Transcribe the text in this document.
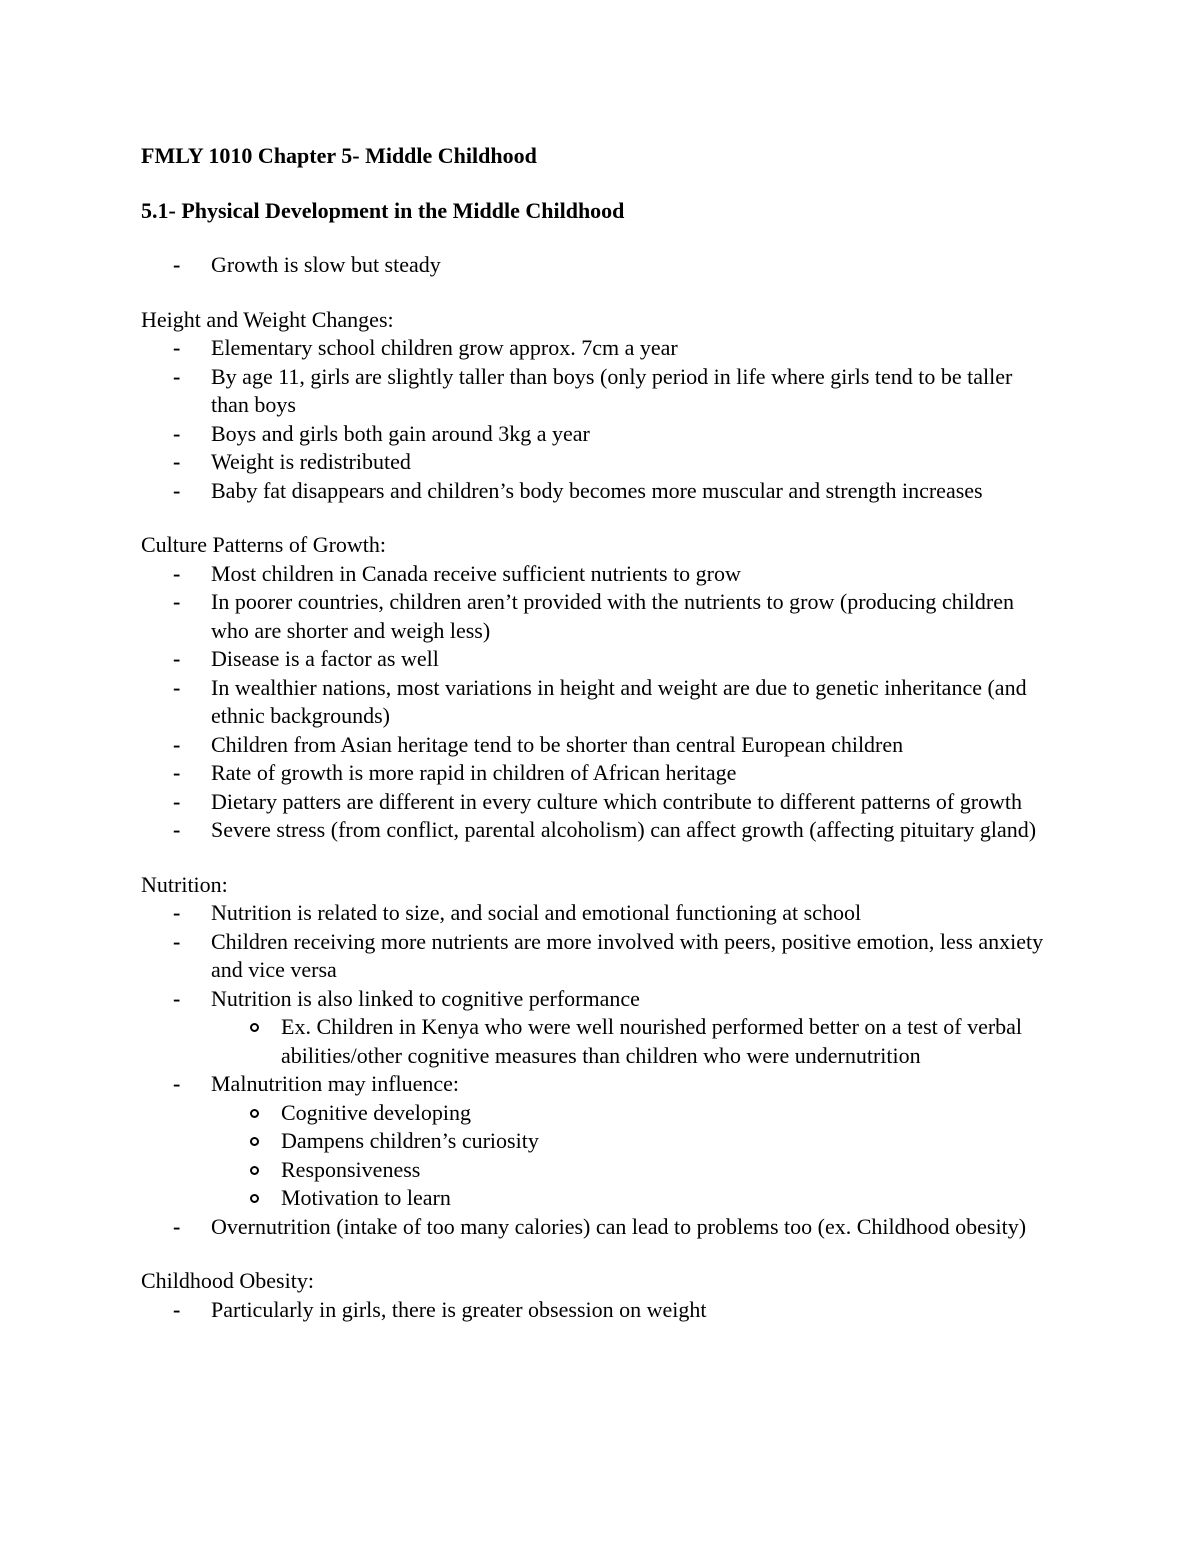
FMLY 1010 Chapter 5- Middle Childhood
5.1- Physical Development in the Middle Childhood
- Growth is slow but steady

Height and Weight Changes:

- Elementary school children grow approx. 7cm a year
- By age 11, girls are slightly taller than boys (only period in life where girls tend to be taller than boys
- Boys and girls both gain around 3kg a year
- Weight is redistributed
- Baby fat disappears and children’s body becomes more muscular and strength increases

Culture Patterns of Growth:

- Most children in Canada receive sufficient nutrients to grow
- In poorer countries, children aren’t provided with the nutrients to grow (producing children who are shorter and weigh less)
- Disease is a factor as well
- In wealthier nations, most variations in height and weight are due to genetic inheritance (and ethnic backgrounds)
- Children from Asian heritage tend to be shorter than central European children
- Rate of growth is more rapid in children of African heritage
- Dietary patters are different in every culture which contribute to different patterns of growth
- Severe stress (from conflict, parental alcoholism) can affect growth (affecting pituitary gland)

Nutrition:

- Nutrition is related to size, and social and emotional functioning at school
- Children receiving more nutrients are more involved with peers, positive emotion, less anxiety and vice versa
- Nutrition is also linked to cognitive performance
Ex. Children in Kenya who were well nourished performed better on a test of verbal abilities/other cognitive measures than children who were undernutrition
- Malnutrition may influence:
Cognitive developing
Dampens children’s curiosity
Responsiveness
Motivation to learn
- Overnutrition (intake of too many calories) can lead to problems too (ex. Childhood obesity)

Childhood Obesity:

- Particularly in girls, there is greater obsession on weight
